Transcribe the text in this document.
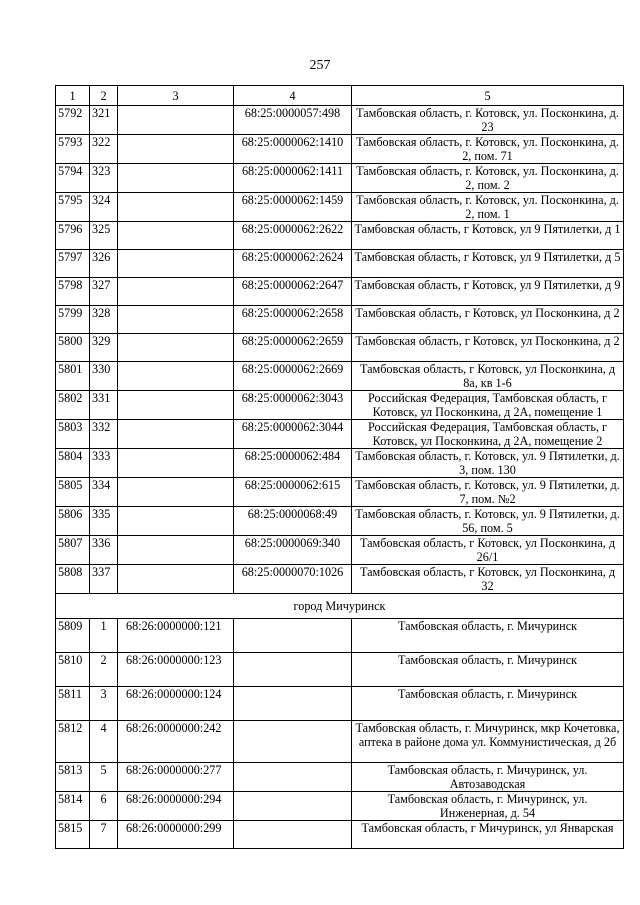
257
1	2	3	4	5
5792	321		68:25:0000057:498	Тамбовская область, г. Котовск, ул. Посконкина, д. 23
5793	322		68:25:0000062:1410	Тамбовская область, г. Котовск, ул. Посконкина, д. 2, пом. 71
5794	323		68:25:0000062:1411	Тамбовская область, г. Котовск, ул. Посконкина, д. 2, пом. 2
5795	324		68:25:0000062:1459	Тамбовская область, г. Котовск, ул. Посконкина, д. 2, пом. 1
5796	325		68:25:0000062:2622	Тамбовская область, г Котовск, ул 9 Пятилетки, д 1
5797	326		68:25:0000062:2624	Тамбовская область, г Котовск, ул 9 Пятилетки, д 5
5798	327		68:25:0000062:2647	Тамбовская область, г Котовск, ул 9 Пятилетки, д 9
5799	328		68:25:0000062:2658	Тамбовская область, г Котовск, ул Посконкина, д 2
5800	329		68:25:0000062:2659	Тамбовская область, г Котовск, ул Посконкина, д 2
5801	330		68:25:0000062:2669	Тамбовская область, г Котовск, ул Посконкина, д 8а, кв 1-6
5802	331		68:25:0000062:3043	Российская Федерация, Тамбовская область, г Котовск, ул Посконкина, д 2А, помещение 1
5803	332		68:25:0000062:3044	Российская Федерация, Тамбовская область, г Котовск, ул Посконкина, д 2А, помещение 2
5804	333		68:25:0000062:484	Тамбовская область, г. Котовск, ул. 9 Пятилетки, д. 3, пом. 130
5805	334		68:25:0000062:615	Тамбовская область, г. Котовск, ул. 9 Пятилетки, д. 7, пом. №2
5806	335		68:25:0000068:49	Тамбовская область, г. Котовск, ул. 9 Пятилетки, д. 56, пом. 5
5807	336		68:25:0000069:340	Тамбовская область, г Котовск, ул Посконкина, д 26/1
5808	337		68:25:0000070:1026	Тамбовская область, г Котовск, ул Посконкина, д 32
город Мичуринск				
5809	1	68:26:0000000:121		Тамбовская область, г. Мичуринск
5810	2	68:26:0000000:123		Тамбовская область, г. Мичуринск
5811	3	68:26:0000000:124		Тамбовская область, г. Мичуринск
5812	4	68:26:0000000:242		Тамбовская область, г. Мичуринск, мкр Кочетовка, аптека в районе дома ул. Коммунистическая, д 2б
5813	5	68:26:0000000:277		Тамбовская область, г. Мичуринск, ул. Автозаводская
5814	6	68:26:0000000:294		Тамбовская область, г. Мичуринск, ул. Инженерная, д. 54
5815	7	68:26:0000000:299		Тамбовская область, г Мичуринск, ул Январская
